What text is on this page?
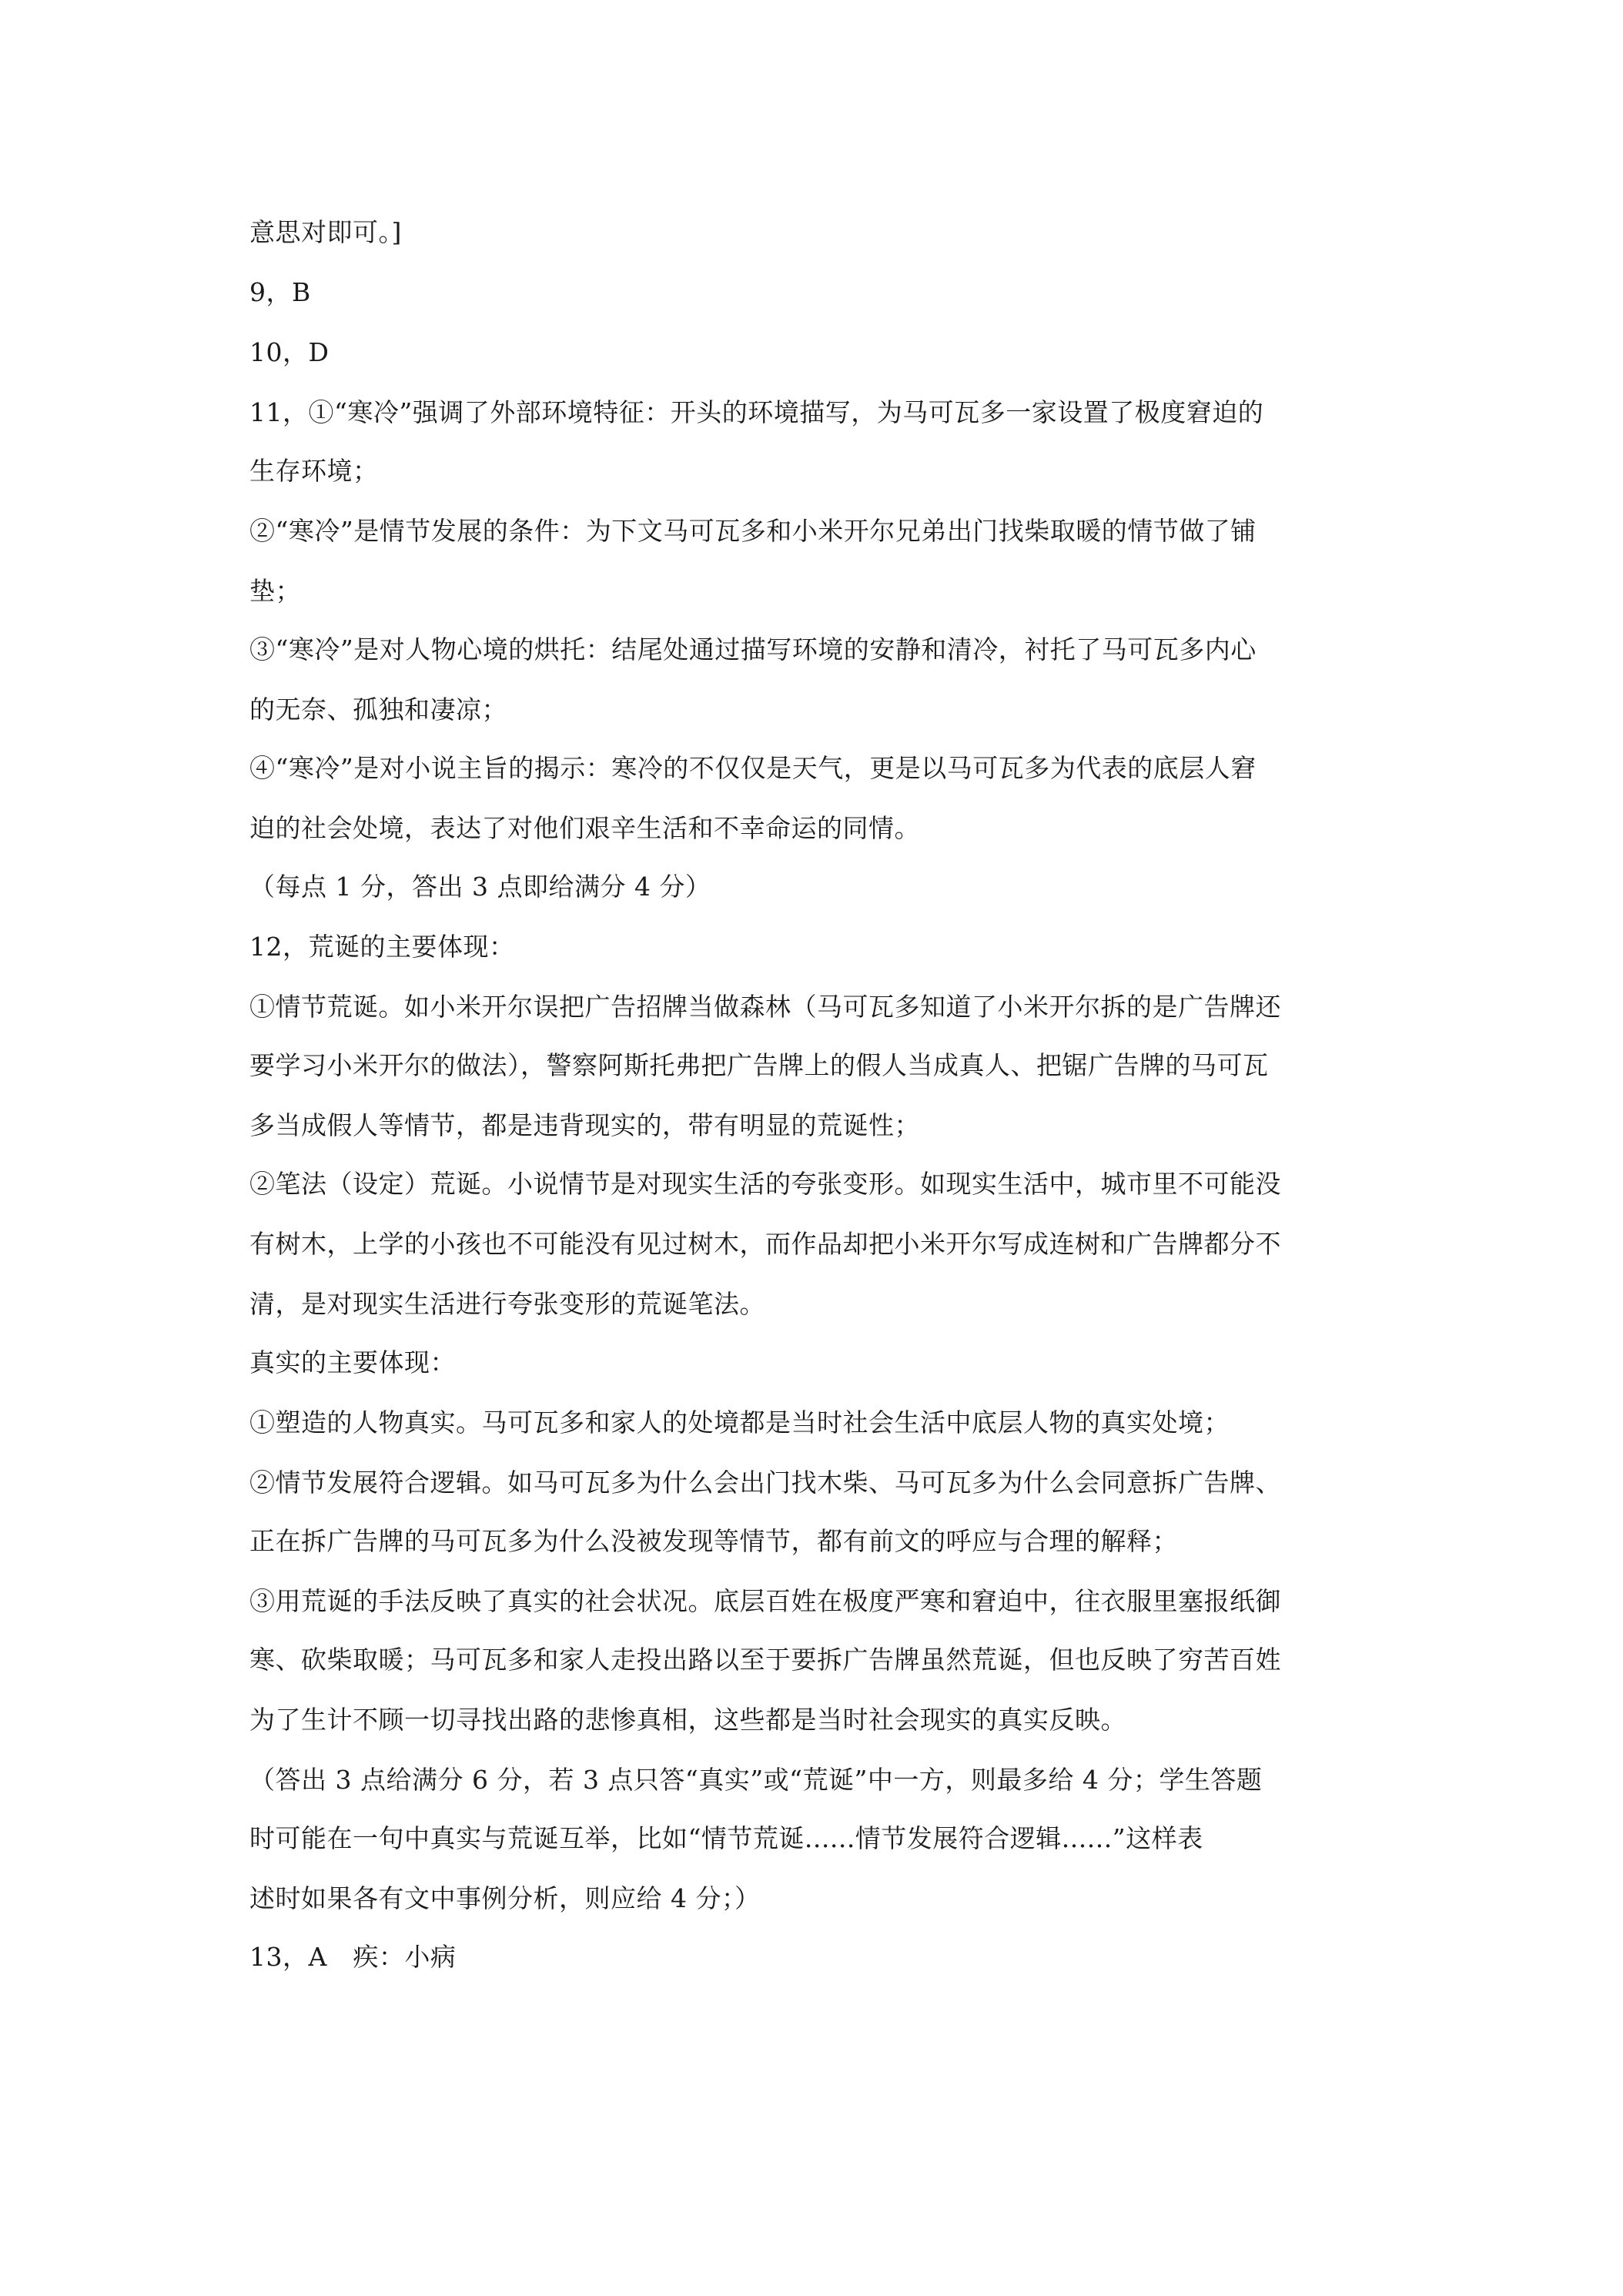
意思对即可。]
9，B
10，D
11，①“寒冷”强调了外部环境特征：开头的环境描写，为马可瓦多一家设置了极度窘迫的
生存环境；
②“寒冷”是情节发展的条件：为下文马可瓦多和小米开尔兄弟出门找柴取暖的情节做了铺
垫；
③“寒冷”是对人物心境的烘托：结尾处通过描写环境的安静和清冷，衬托了马可瓦多内心
的无奈、孤独和凄凉；
④“寒冷”是对小说主旨的揭示：寒冷的不仅仅是天气，更是以马可瓦多为代表的底层人窘
迫的社会处境，表达了对他们艰辛生活和不幸命运的同情。
（每点 1 分，答出 3 点即给满分 4 分）
12，荒诞的主要体现：
①情节荒诞。如小米开尔误把广告招牌当做森林（马可瓦多知道了小米开尔拆的是广告牌还
要学习小米开尔的做法），警察阿斯托弗把广告牌上的假人当成真人、把锯广告牌的马可瓦
多当成假人等情节，都是违背现实的，带有明显的荒诞性；
②笔法（设定）荒诞。小说情节是对现实生活的夸张变形。如现实生活中，城市里不可能没
有树木，上学的小孩也不可能没有见过树木，而作品却把小米开尔写成连树和广告牌都分不
清，是对现实生活进行夸张变形的荒诞笔法。
真实的主要体现：
①塑造的人物真实。马可瓦多和家人的处境都是当时社会生活中底层人物的真实处境；
②情节发展符合逻辑。如马可瓦多为什么会出门找木柴、马可瓦多为什么会同意拆广告牌、
正在拆广告牌的马可瓦多为什么没被发现等情节，都有前文的呼应与合理的解释；
③用荒诞的手法反映了真实的社会状况。底层百姓在极度严寒和窘迫中，往衣服里塞报纸御
寒、砍柴取暖；马可瓦多和家人走投出路以至于要拆广告牌虽然荒诞，但也反映了穷苦百姓
为了生计不顾一切寻找出路的悲惨真相，这些都是当时社会现实的真实反映。
（答出 3 点给满分 6 分，若 3 点只答“真实”或“荒诞”中一方，则最多给 4 分；学生答题
时可能在一句中真实与荒诞互举，比如“情节荒诞......情节发展符合逻辑......”这样表
述时如果各有文中事例分析，则应给 4 分；）
13，A　疾：小病
